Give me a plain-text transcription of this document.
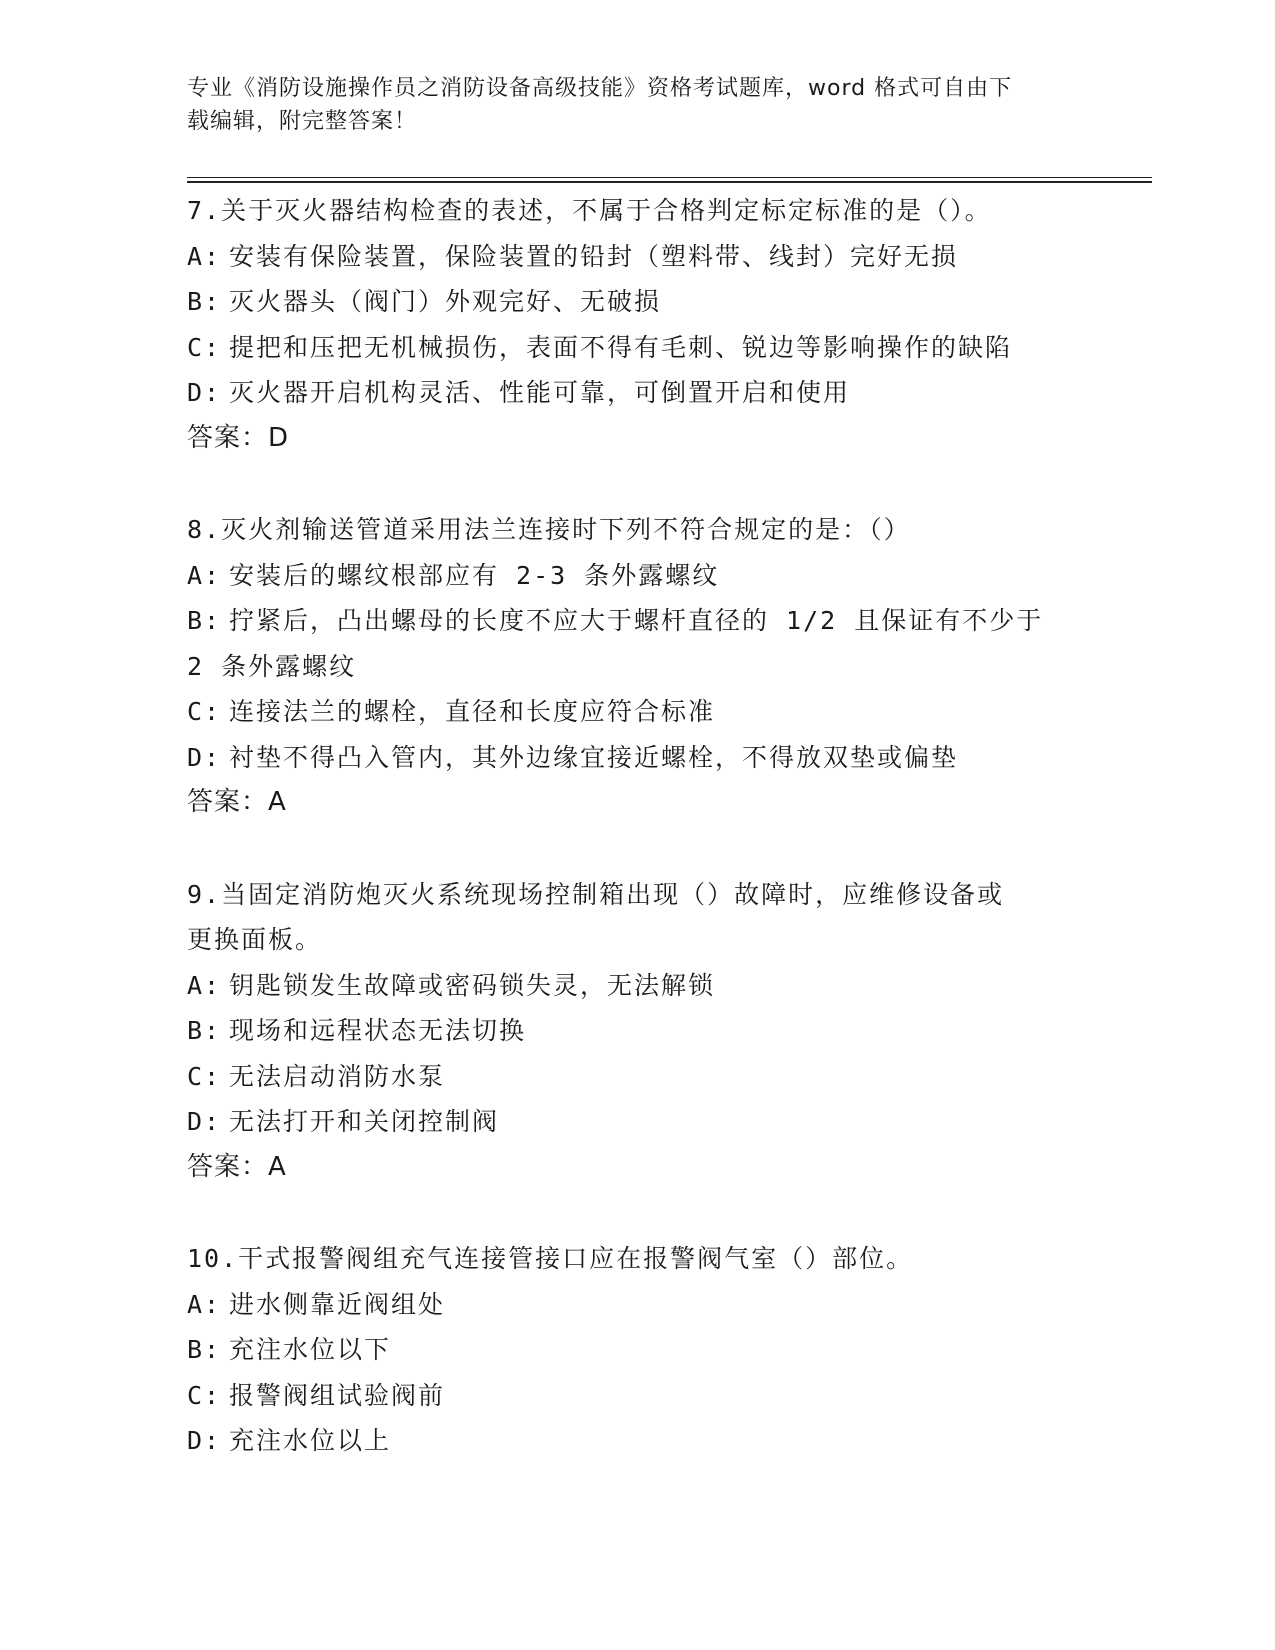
专业《消防设施操作员之消防设备高级技能》资格考试题库，word 格式可自由下
载编辑，附完整答案！
7.关于灭火器结构检查的表述，不属于合格判定标定标准的是（）。
A: 安装有保险装置，保险装置的铅封（塑料带、线封）完好无损
B: 灭火器头（阀门）外观完好、无破损
C: 提把和压把无机械损伤，表面不得有毛刺、锐边等影响操作的缺陷
D: 灭火器开启机构灵活、性能可靠，可倒置开启和使用
答案：D
8.灭火剂输送管道采用法兰连接时下列不符合规定的是：（）
A: 安装后的螺纹根部应有 2-3 条外露螺纹
B: 拧紧后，凸出螺母的长度不应大于螺杆直径的 1/2 且保证有不少于
2 条外露螺纹
C: 连接法兰的螺栓，直径和长度应符合标准
D: 衬垫不得凸入管内，其外边缘宜接近螺栓，不得放双垫或偏垫
答案：A
9.当固定消防炮灭火系统现场控制箱出现（）故障时，应维修设备或
更换面板。
A: 钥匙锁发生故障或密码锁失灵，无法解锁
B: 现场和远程状态无法切换
C: 无法启动消防水泵
D: 无法打开和关闭控制阀
答案：A
10.干式报警阀组充气连接管接口应在报警阀气室（）部位。
A: 进水侧靠近阀组处
B: 充注水位以下
C: 报警阀组试验阀前
D: 充注水位以上
